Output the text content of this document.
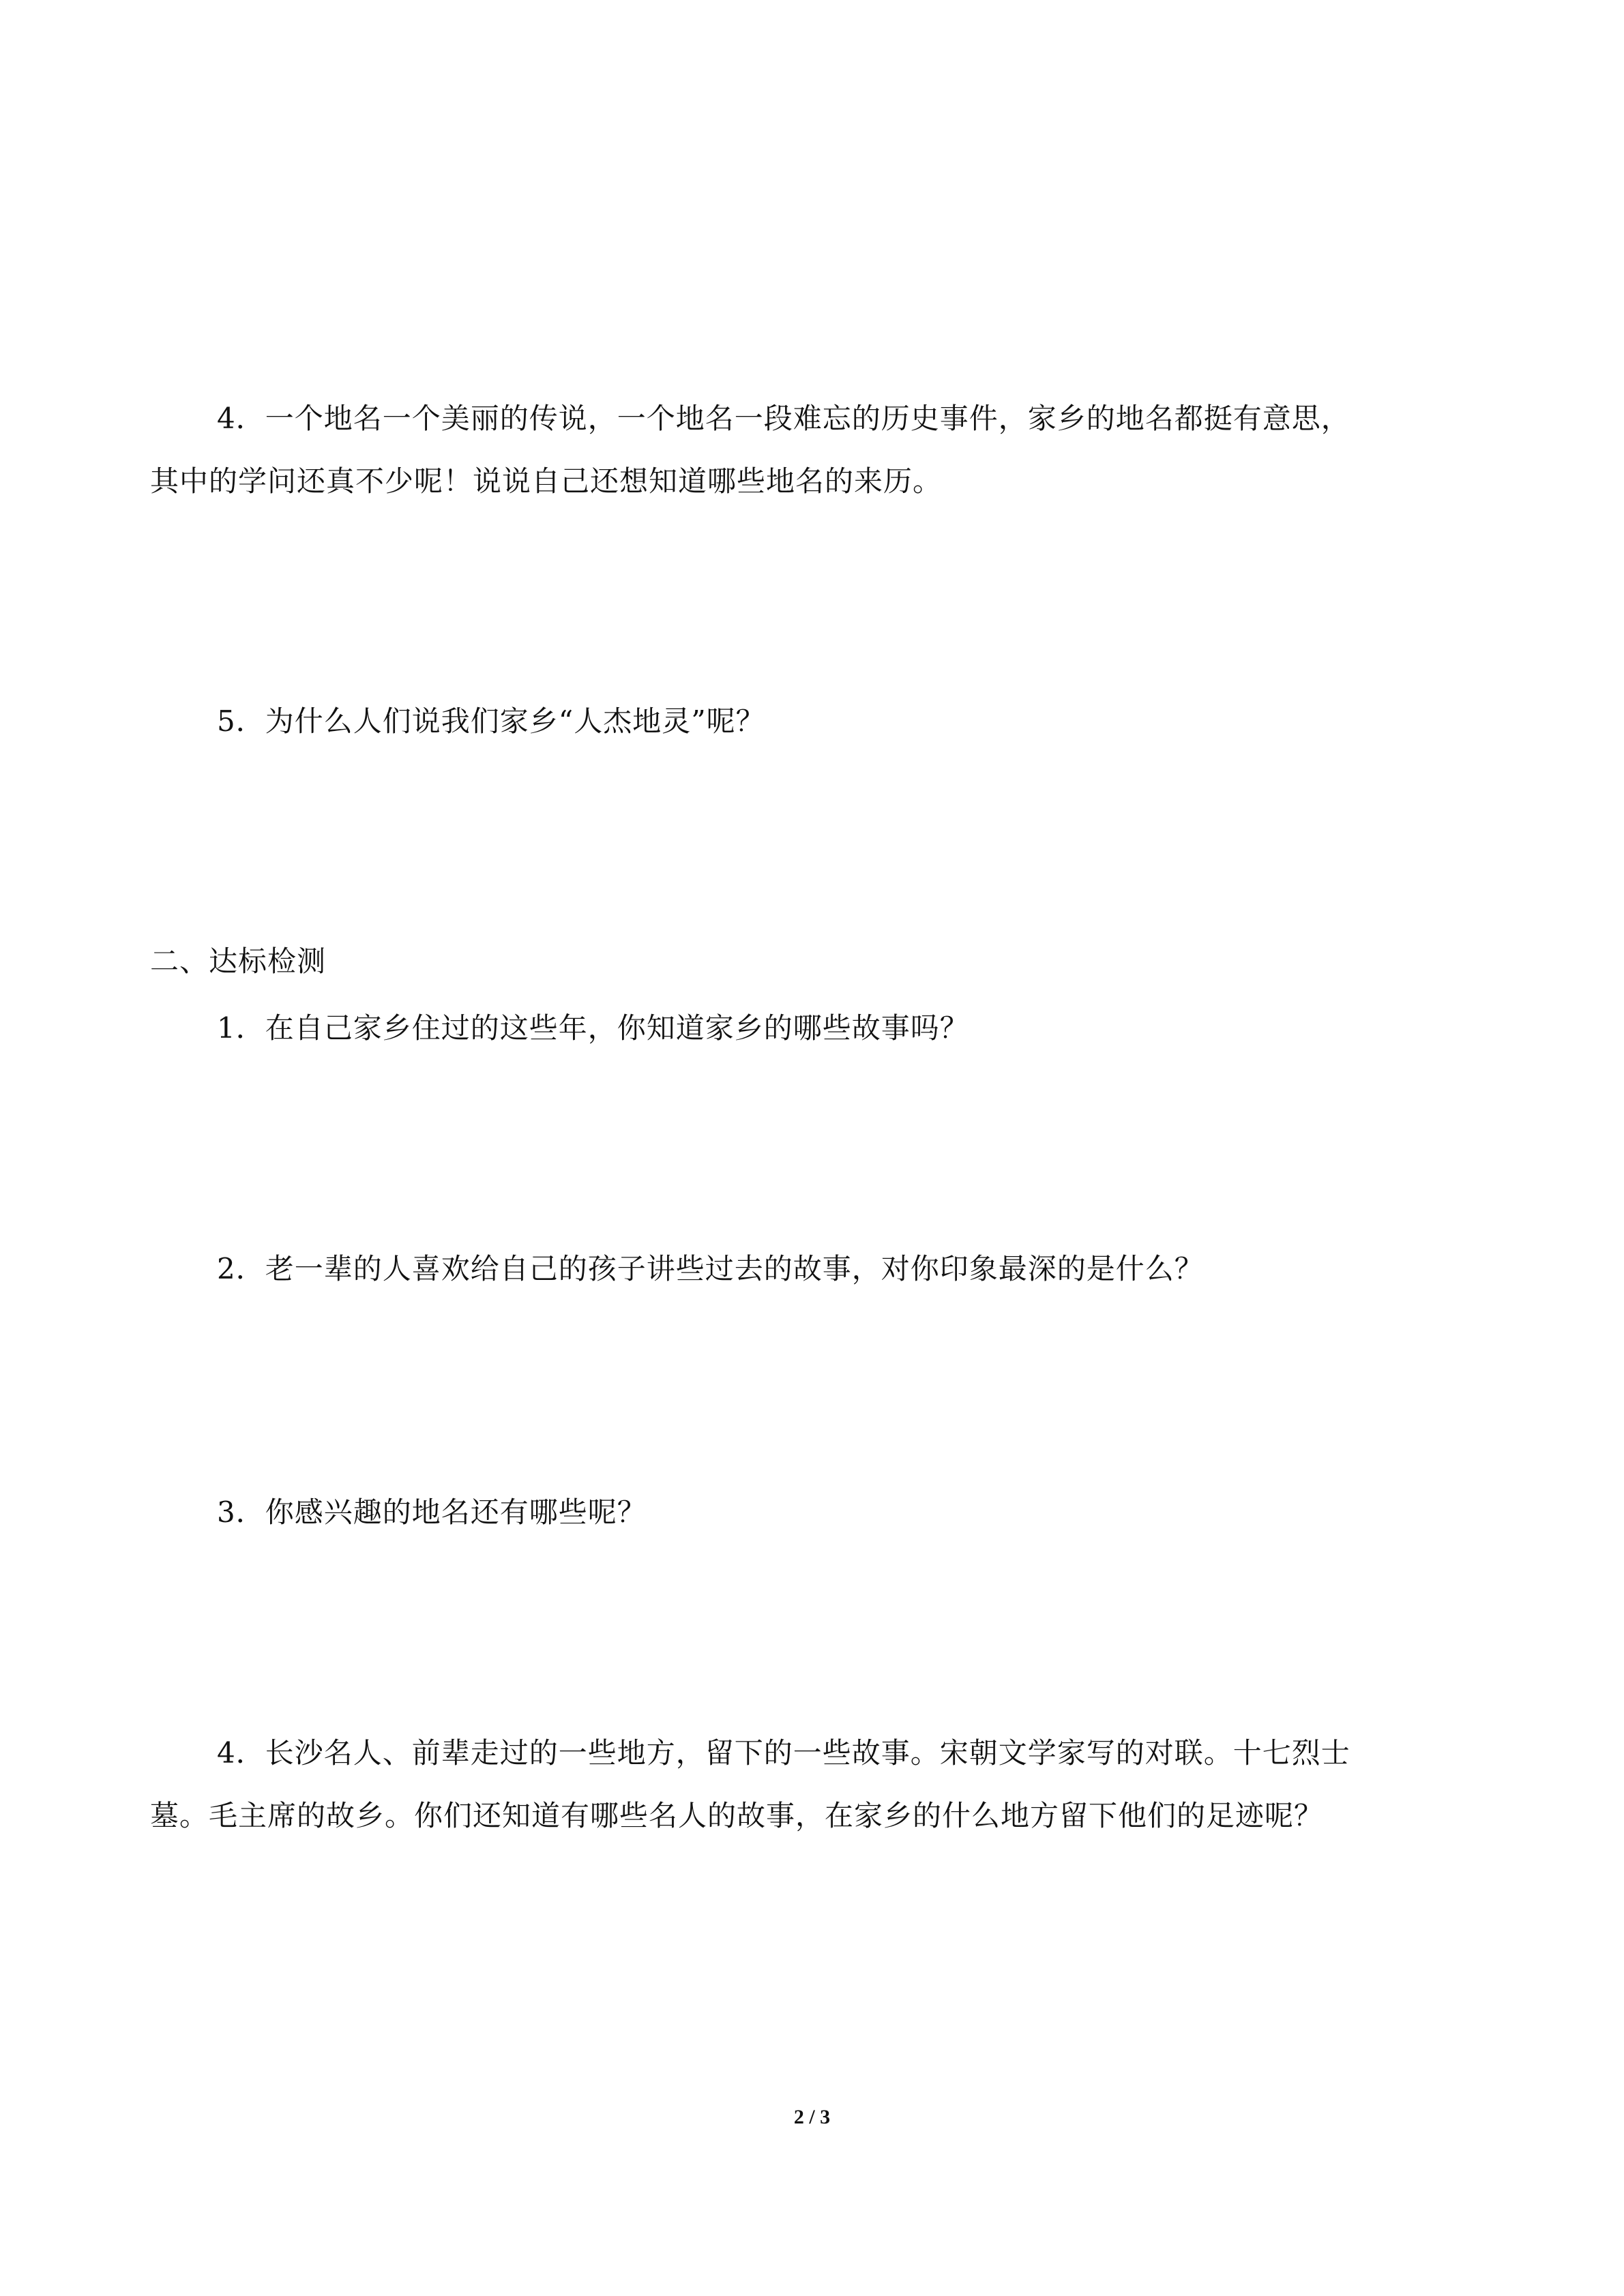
4．一个地名一个美丽的传说，一个地名一段难忘的历史事件，家乡的地名都挺有意思，
其中的学问还真不少呢！说说自己还想知道哪些地名的来历。

5．为什么人们说我们家乡“人杰地灵”呢？

二、达标检测

1．在自己家乡住过的这些年，你知道家乡的哪些故事吗？

2．老一辈的人喜欢给自己的孩子讲些过去的故事，对你印象最深的是什么？

3．你感兴趣的地名还有哪些呢？

4．长沙名人、前辈走过的一些地方，留下的一些故事。宋朝文学家写的对联。十七烈士
墓。毛主席的故乡。你们还知道有哪些名人的故事，在家乡的什么地方留下他们的足迹呢？

2 / 3
